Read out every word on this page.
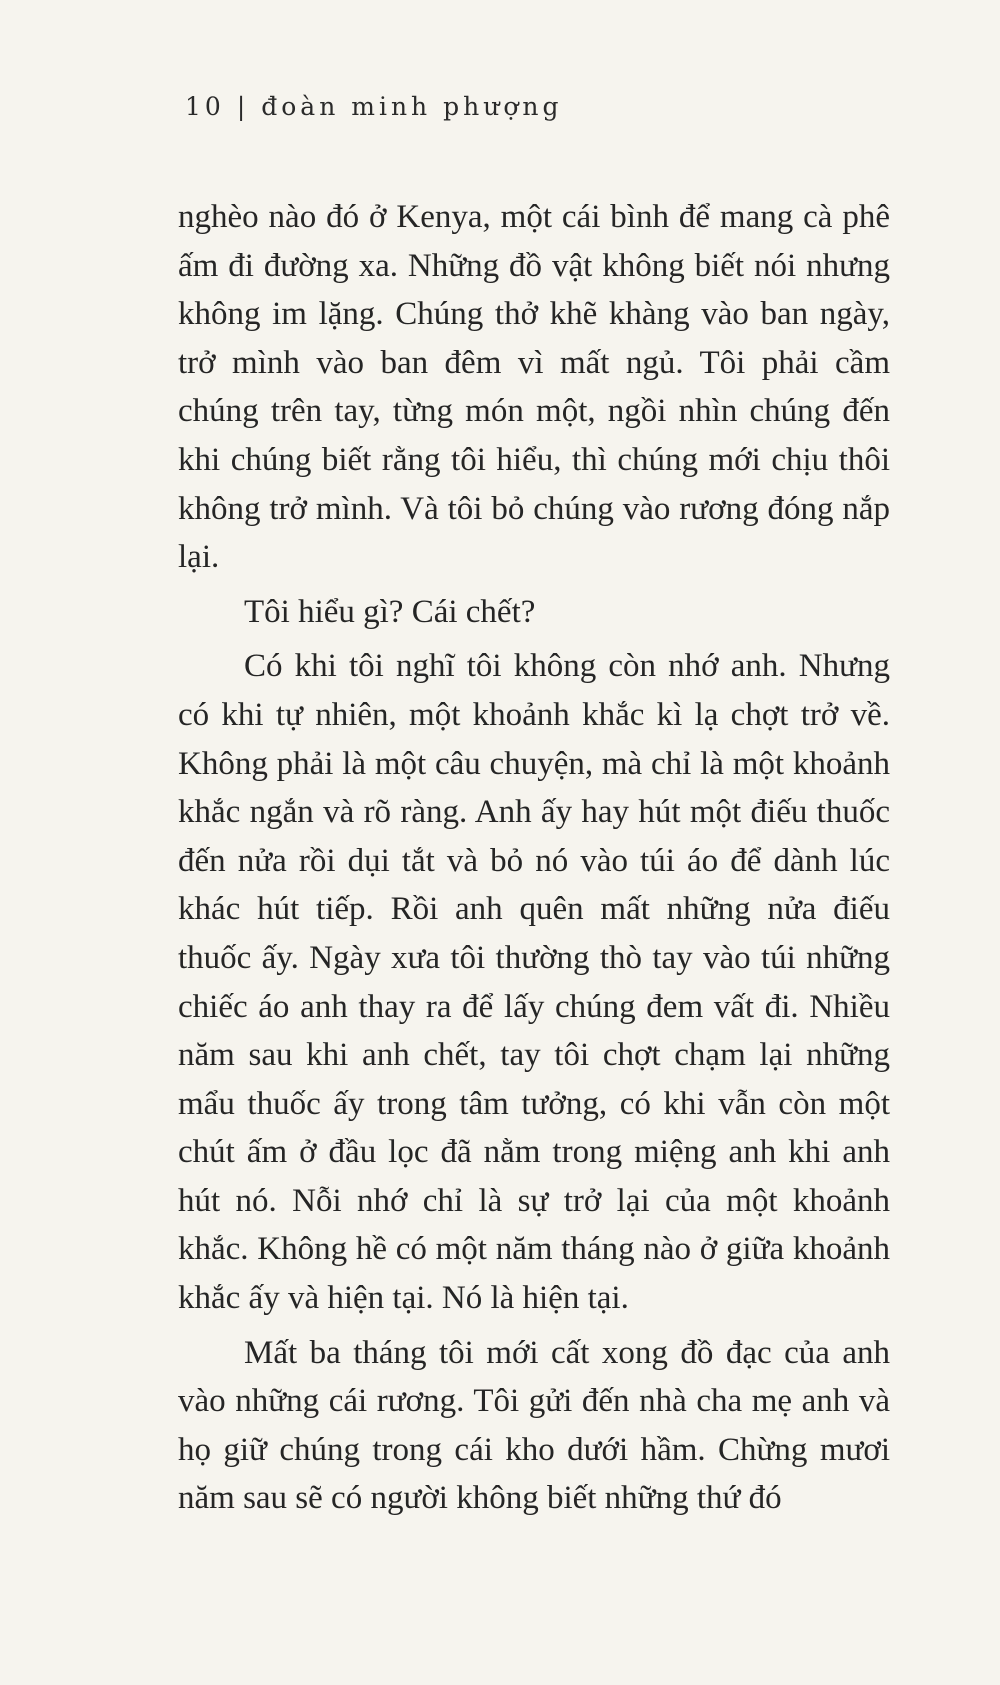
10 | đoàn minh phượng

nghèo nào đó ở Kenya, một cái bình để mang cà phê ấm đi đường xa. Những đồ vật không biết nói nhưng không im lặng. Chúng thở khẽ khàng vào ban ngày, trở mình vào ban đêm vì mất ngủ. Tôi phải cầm chúng trên tay, từng món một, ngồi nhìn chúng đến khi chúng biết rằng tôi hiểu, thì chúng mới chịu thôi không trở mình. Và tôi bỏ chúng vào rương đóng nắp lại.

Tôi hiểu gì? Cái chết?

Có khi tôi nghĩ tôi không còn nhớ anh. Nhưng có khi tự nhiên, một khoảnh khắc kì lạ chợt trở về. Không phải là một câu chuyện, mà chỉ là một khoảnh khắc ngắn và rõ ràng. Anh ấy hay hút một điếu thuốc đến nửa rồi dụi tắt và bỏ nó vào túi áo để dành lúc khác hút tiếp. Rồi anh quên mất những nửa điếu thuốc ấy. Ngày xưa tôi thường thò tay vào túi những chiếc áo anh thay ra để lấy chúng đem vất đi. Nhiều năm sau khi anh chết, tay tôi chợt chạm lại những mẩu thuốc ấy trong tâm tưởng, có khi vẫn còn một chút ấm ở đầu lọc đã nằm trong miệng anh khi anh hút nó. Nỗi nhớ chỉ là sự trở lại của một khoảnh khắc. Không hề có một năm tháng nào ở giữa khoảnh khắc ấy và hiện tại. Nó là hiện tại.

Mất ba tháng tôi mới cất xong đồ đạc của anh vào những cái rương. Tôi gửi đến nhà cha mẹ anh và họ giữ chúng trong cái kho dưới hầm. Chừng mươi năm sau sẽ có người không biết những thứ đó
